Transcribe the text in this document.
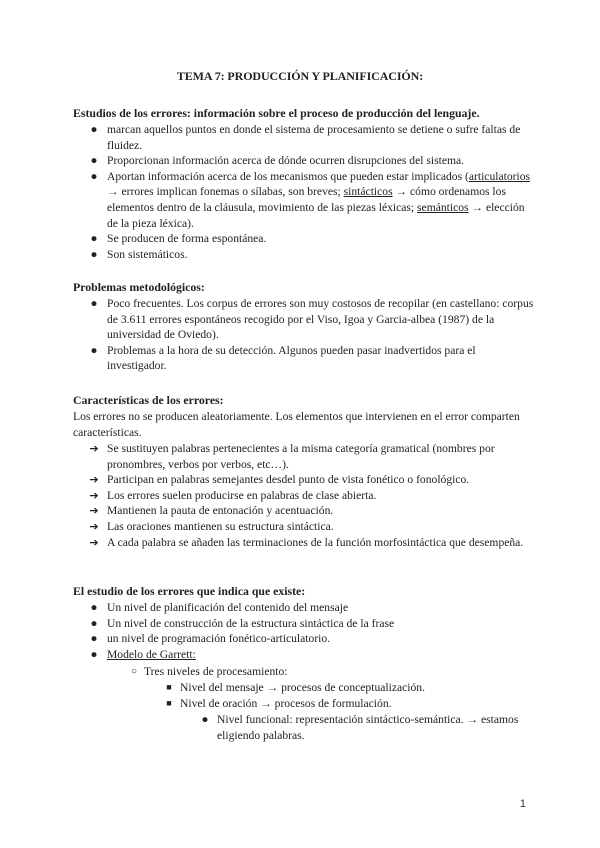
TEMA 7: PRODUCCIÓN Y PLANIFICACIÓN:
Estudios de los errores: información sobre el proceso de producción del lenguaje.
● marcan aquellos puntos en donde el sistema de procesamiento se detiene o sufre faltas de fluidez.
● Proporcionan información acerca de dónde ocurren disrupciones del sistema.
● Aportan información acerca de los mecanismos que pueden estar implicados (articulatorios → errores implican fonemas o sílabas, son breves; sintácticos → cómo ordenamos los elementos dentro de la cláusula, movimiento de las piezas léxicas; semánticos → elección de la pieza léxica).
● Se producen de forma espontánea.
● Son sistemáticos.
Problemas metodológicos:
● Poco frecuentes. Los corpus de errores son muy costosos de recopilar (en castellano: corpus de 3.611 errores espontáneos recogido por el Viso, Igoa y Garcia-albea (1987) de la universidad de Oviedo).
● Problemas a la hora de su detección. Algunos pueden pasar inadvertidos para el investigador.
Características de los errores:
Los errores no se producen aleatoriamente. Los elementos que intervienen en el error comparten características.
➔ Se sustituyen palabras pertenecientes a la misma categoría gramatical (nombres por pronombres, verbos por verbos, etc…).
➔ Participan en palabras semejantes desdel punto de vista fonético o fonológico.
➔ Los errores suelen producirse en palabras de clase abierta.
➔ Mantienen la pauta de entonación y acentuación.
➔ Las oraciones mantienen su estructura sintáctica.
➔ A cada palabra se añaden las terminaciones de la función morfosintáctica que desempeña.
El estudio de los errores que indica que existe:
● Un nivel de planificación del contenido del mensaje
● Un nivel de construcción de la estructura sintáctica de la frase
● un nivel de programación fonético-articulatorio.
● Modelo de Garrett:
○ Tres niveles de procesamiento:
■ Nivel del mensaje → procesos de conceptualización.
■ Nivel de oración → procesos de formulación.
● Nivel funcional: representación sintáctico-semántica. → estamos eligiendo palabras.
1
